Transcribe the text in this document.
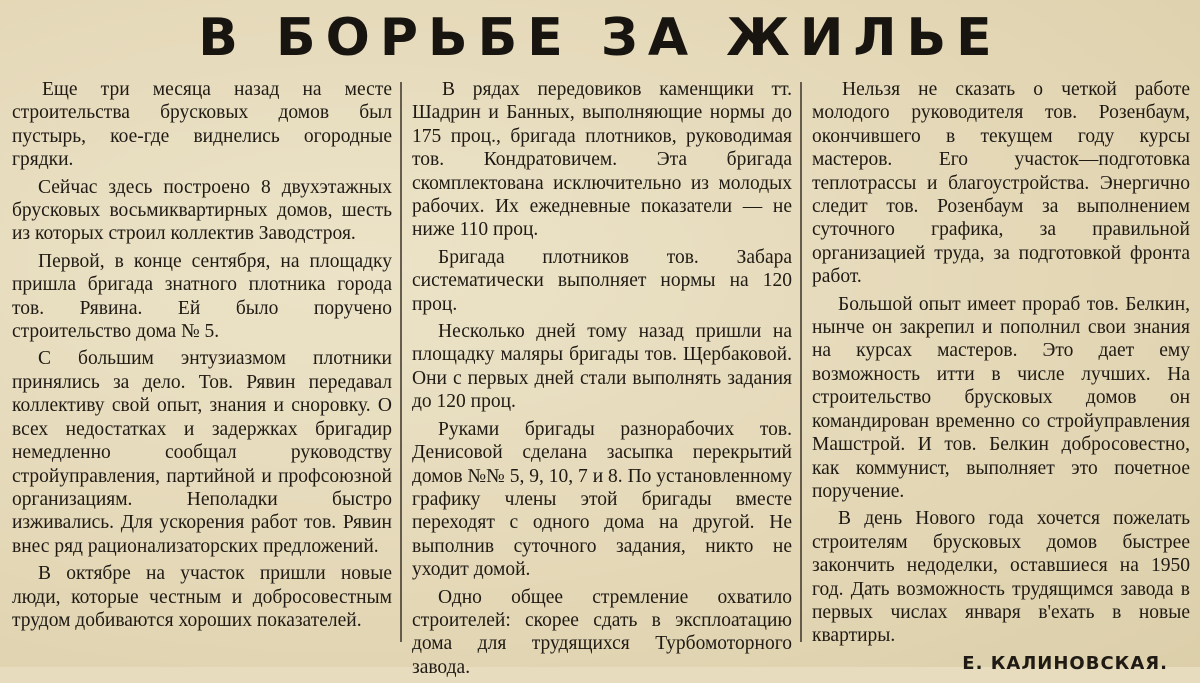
В БОРЬБЕ ЗА ЖИЛЬЕ

Еще три месяца назад на месте строительства брусковых домов был пустырь, кое-где виднелись огородные грядки.

Сейчас здесь построено 8 двухэтажных брусковых восьмиквартирных домов, шесть из которых строил коллектив Заводстроя.

Первой, в конце сентября, на площадку пришла бригада знатного плотника города тов. Рявина. Ей было поручено строительство дома № 5.

С большим энтузиазмом плотники принялись за дело. Тов. Рявин передавал коллективу свой опыт, знания и сноровку. О всех недостатках и задержках бригадир немедленно сообщал руководству стройуправления, партийной и профсоюзной организациям. Неполадки быстро изживались. Для ускорения работ тов. Рявин внес ряд рационализаторских предложений.

В октябре на участок пришли новые люди, которые честным и добросовестным трудом добиваются хороших показателей.

В рядах передовиков каменщики тт. Шадрин и Банных, выполняющие нормы до 175 проц., бригада плотников, руководимая тов. Кондратовичем. Эта бригада скомплектована исключительно из молодых рабочих. Их ежедневные показатели — не ниже 110 проц.

Бригада плотников тов. Забара систематически выполняет нормы на 120 проц.

Несколько дней тому назад пришли на площадку маляры бригады тов. Щербаковой. Они с первых дней стали выполнять задания до 120 проц.

Руками бригады разнорабочих тов. Денисовой сделана засыпка перекрытий домов №№ 5, 9, 10, 7 и 8. По установленному графику члены этой бригады вместе переходят с одного дома на другой. Не выполнив суточного задания, никто не уходит домой.

Одно общее стремление охватило строителей: скорее сдать в эксплоатацию дома для трудящихся Турбомоторного завода.

Нельзя не сказать о четкой работе молодого руководителя тов. Розенбаум, окончившего в текущем году курсы мастеров. Его участок—подготовка теплотрассы и благоустройства. Энергично следит тов. Розенбаум за выполнением суточного графика, за правильной организацией труда, за подготовкой фронта работ.

Большой опыт имеет прораб тов. Белкин, нынче он закрепил и пополнил свои знания на курсах мастеров. Это дает ему возможность итти в числе лучших. На строительство брусковых домов он командирован временно со стройуправления Машстрой. И тов. Белкин добросовестно, как коммунист, выполняет это почетное поручение.

В день Нового года хочется пожелать строителям брусковых домов быстрее закончить недоделки, оставшиеся на 1950 год. Дать возможность трудящимся завода в первых числах января в'ехать в новые квартиры.

Е. КАЛИНОВСКАЯ.
